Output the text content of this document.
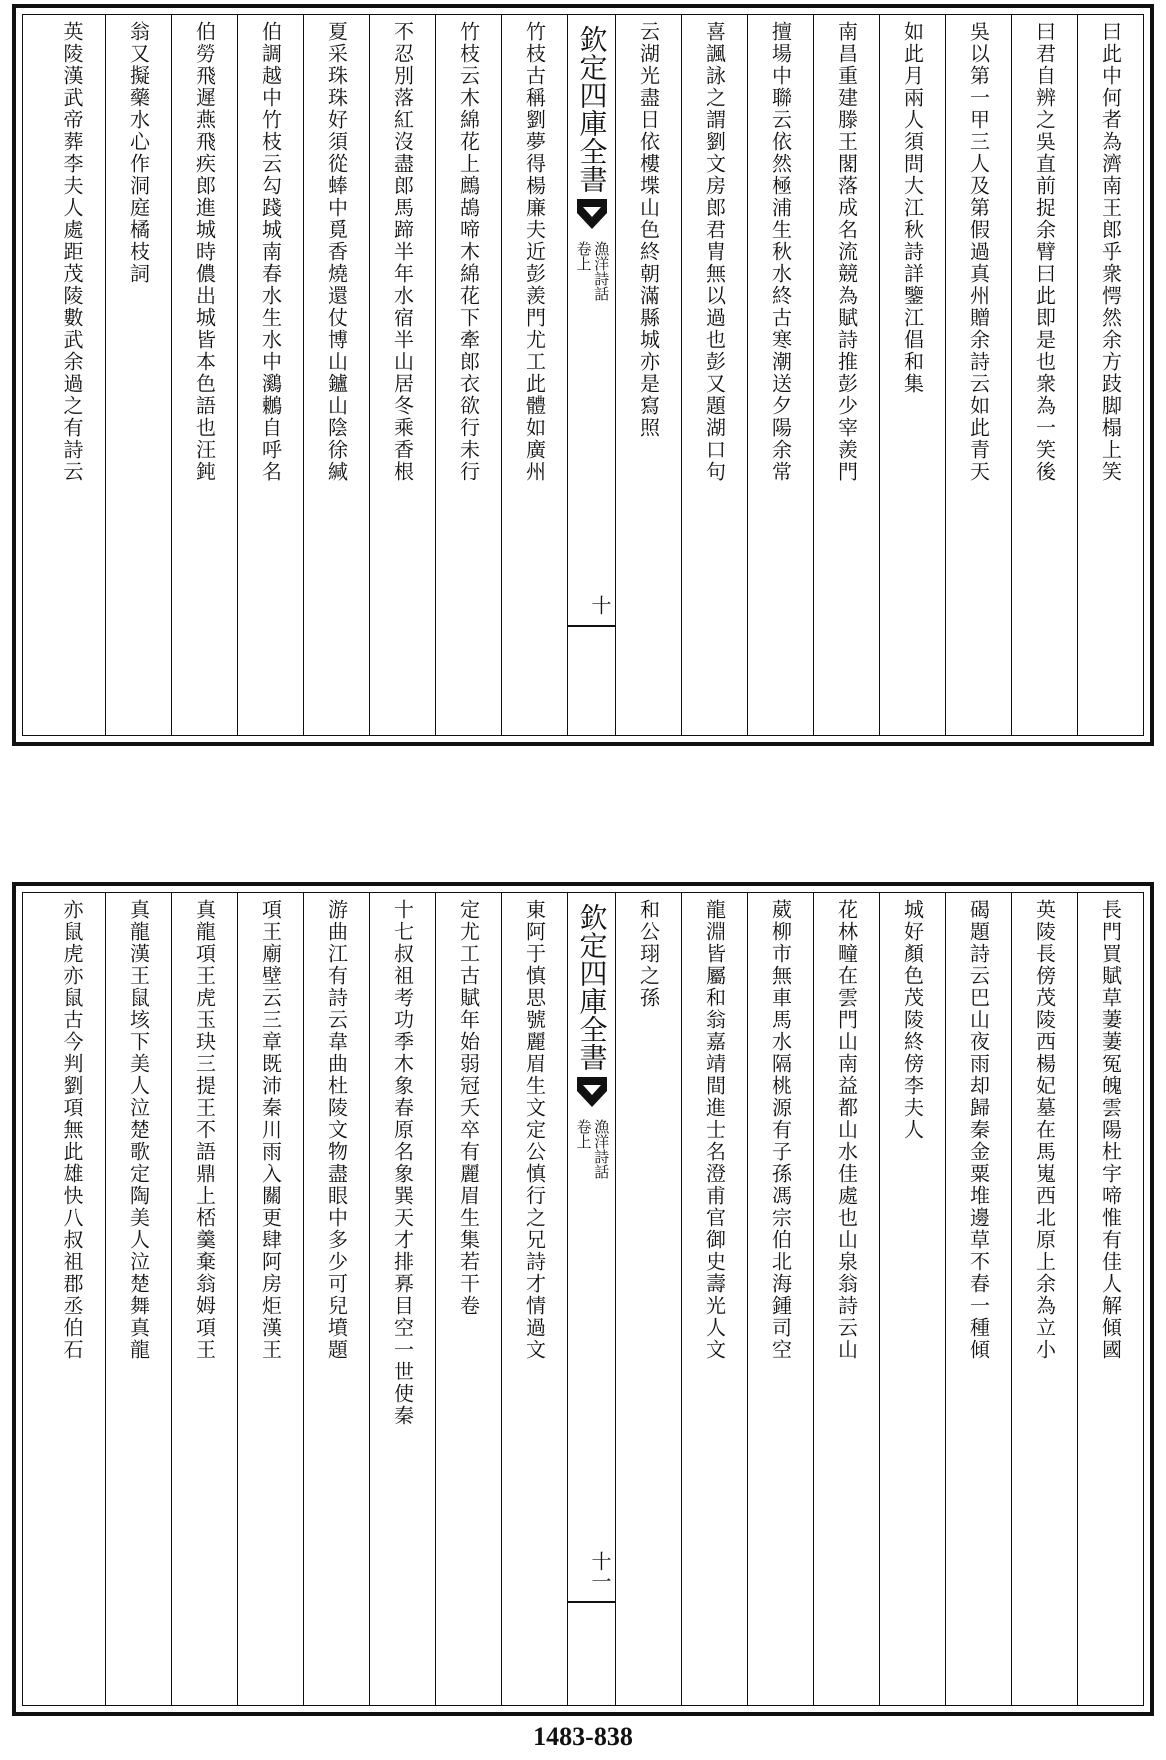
曰此中何者為濟南王郎乎衆愕然余方跂脚榻上笑
曰君自辨之吳直前捉余臂曰此即是也衆為一笑後
吳以第一甲三人及第假過真州贈余詩云如此青天
如此月兩人須問大江秋詩詳鑒江倡和集
南昌重建滕王閣落成名流競為賦詩推彭少宰羨門
擅場中聯云依然極浦生秋水終古寒潮送夕陽余常
喜諷詠之謂劉文房郎君胄無以過也彭又題湖口句
云湖光盡日依樓堞山色終朝滿縣城亦是寫照
欽定四庫全書
漁洋詩話
卷上
十
竹枝古稱劉夢得楊廉夫近彭羨門尤工此體如廣州
竹枝云木綿花上鷓鴣啼木綿花下牽郎衣欲行未行
不忍別落紅沒盡郎馬蹄半年水宿半山居冬乘香根
夏采珠珠好須從蜯中覓香燒還仗博山鑪山陰徐緘
伯調越中竹枝云勾踐城南春水生水中鸂鶒自呼名
伯勞飛遲燕飛疾郎進城時儂出城皆本色語也汪鈍
翁又擬藥水心作洞庭橘枝詞
英陵漢武帝葬李夫人處距茂陵數武余過之有詩云
長門買賦草萋萋冤魄雲陽杜宇啼惟有佳人解傾國
英陵長傍茂陵西楊妃墓在馬嵬西北原上余為立小
碣題詩云巴山夜雨却歸秦金粟堆邊草不春一種傾
城好顏色茂陵終傍李夫人
花林疃在雲門山南益都山水佳處也山泉翁詩云山
葳柳市無車馬水隔桃源有子孫馮宗伯北海鍾司空
龍淵皆屬和翁嘉靖間進士名澄甫官御史壽光人文
和公珝之孫
欽定四庫全書
漁洋詩話
卷上
十一
東阿于慎思號麗眉生文定公慎行之兄詩才情過文
定尤工古賦年始弱冠夭卒有麗眉生集若干卷
十七叔祖考功季木象春原名象巽天才排奡目空一世使秦
游曲江有詩云韋曲杜陵文物盡眼中多少可兒墳題
項王廟壁云三章既沛秦川雨入關更肆阿房炬漢王
真龍項王虎玉玦三提王不語鼎上桮羹棄翁姆項王
真龍漢王鼠垓下美人泣楚歌定陶美人泣楚舞真龍
亦鼠虎亦鼠古今判劉項無此雄快八叔祖郡丞伯石
1483-838
